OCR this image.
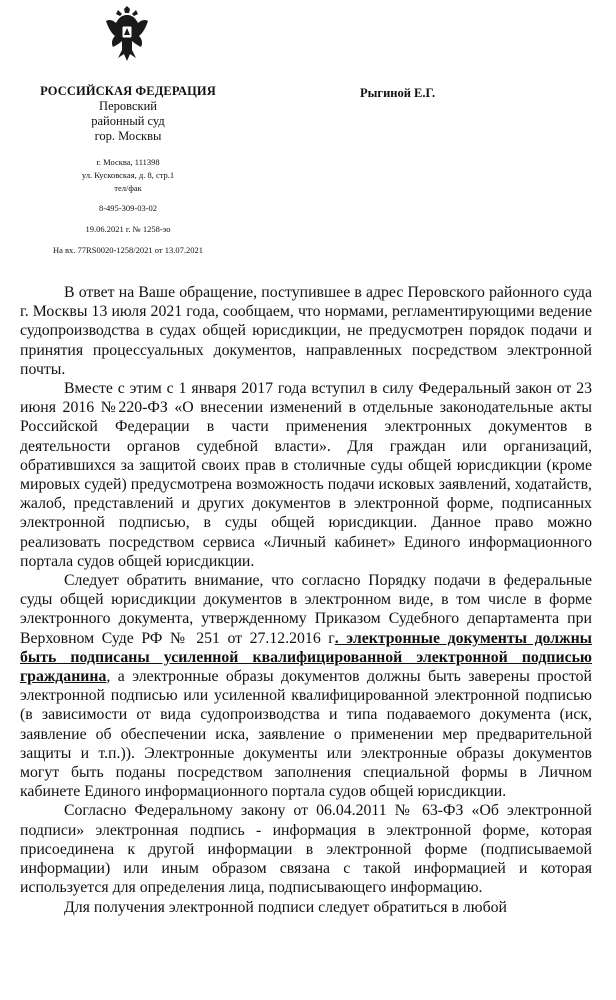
РОССИЙСКАЯ ФЕДЕРАЦИЯ
Перовский
районный суд
гор. Москвы
г. Москва, 111398
ул. Кусковская, д. 8, стр.1
тел/фак
8-495-309-03-02
19.06.2021 г. № 1258-эо
На вх. 77RS0020-1258/2021 от 13.07.2021
Рыгиной Е.Г.

В ответ на Ваше обращение, поступившее в адрес Перовского районного суда г. Москвы 13 июля 2021 года, сообщаем, что нормами, регламентирующими ведение судопроизводства в судах общей юрисдикции, не предусмотрен порядок подачи и принятия процессуальных документов, направленных посредством электронной почты.

Вместе с этим с 1 января 2017 года вступил в силу Федеральный закон от 23 июня 2016 №220-ФЗ «О внесении изменений в отдельные законодательные акты Российской Федерации в части применения электронных документов в деятельности органов судебной власти». Для граждан или организаций, обратившихся за защитой своих прав в столичные суды общей юрисдикции (кроме мировых судей) предусмотрена возможность подачи исковых заявлений, ходатайств, жалоб, представлений и других документов в электронной форме, подписанных электронной подписью, в суды общей юрисдикции. Данное право можно реализовать посредством сервиса «Личный кабинет» Единого информационного портала судов общей юрисдикции.

Следует обратить внимание, что согласно Порядку подачи в федеральные суды общей юрисдикции документов в электронном виде, в том числе в форме электронного документа, утвержденному Приказом Судебного департамента при Верховном Суде РФ № 251 от 27.12.2016 г. электронные документы должны быть подписаны усиленной квалифицированной электронной подписью гражданина, а электронные образы документов должны быть заверены простой электронной подписью или усиленной квалифицированной электронной подписью (в зависимости от вида судопроизводства и типа подаваемого документа (иск, заявление об обеспечении иска, заявление о применении мер предварительной защиты и т.п.)). Электронные документы или электронные образы документов могут быть поданы посредством заполнения специальной формы в Личном кабинете Единого информационного портала судов общей юрисдикции.

Согласно Федеральному закону от 06.04.2011 № 63-ФЗ «Об электронной подписи» электронная подпись - информация в электронной форме, которая присоединена к другой информации в электронной форме (подписываемой информации) или иным образом связана с такой информацией и которая используется для определения лица, подписывающего информацию.

Для получения электронной подписи следует обратиться в любой
